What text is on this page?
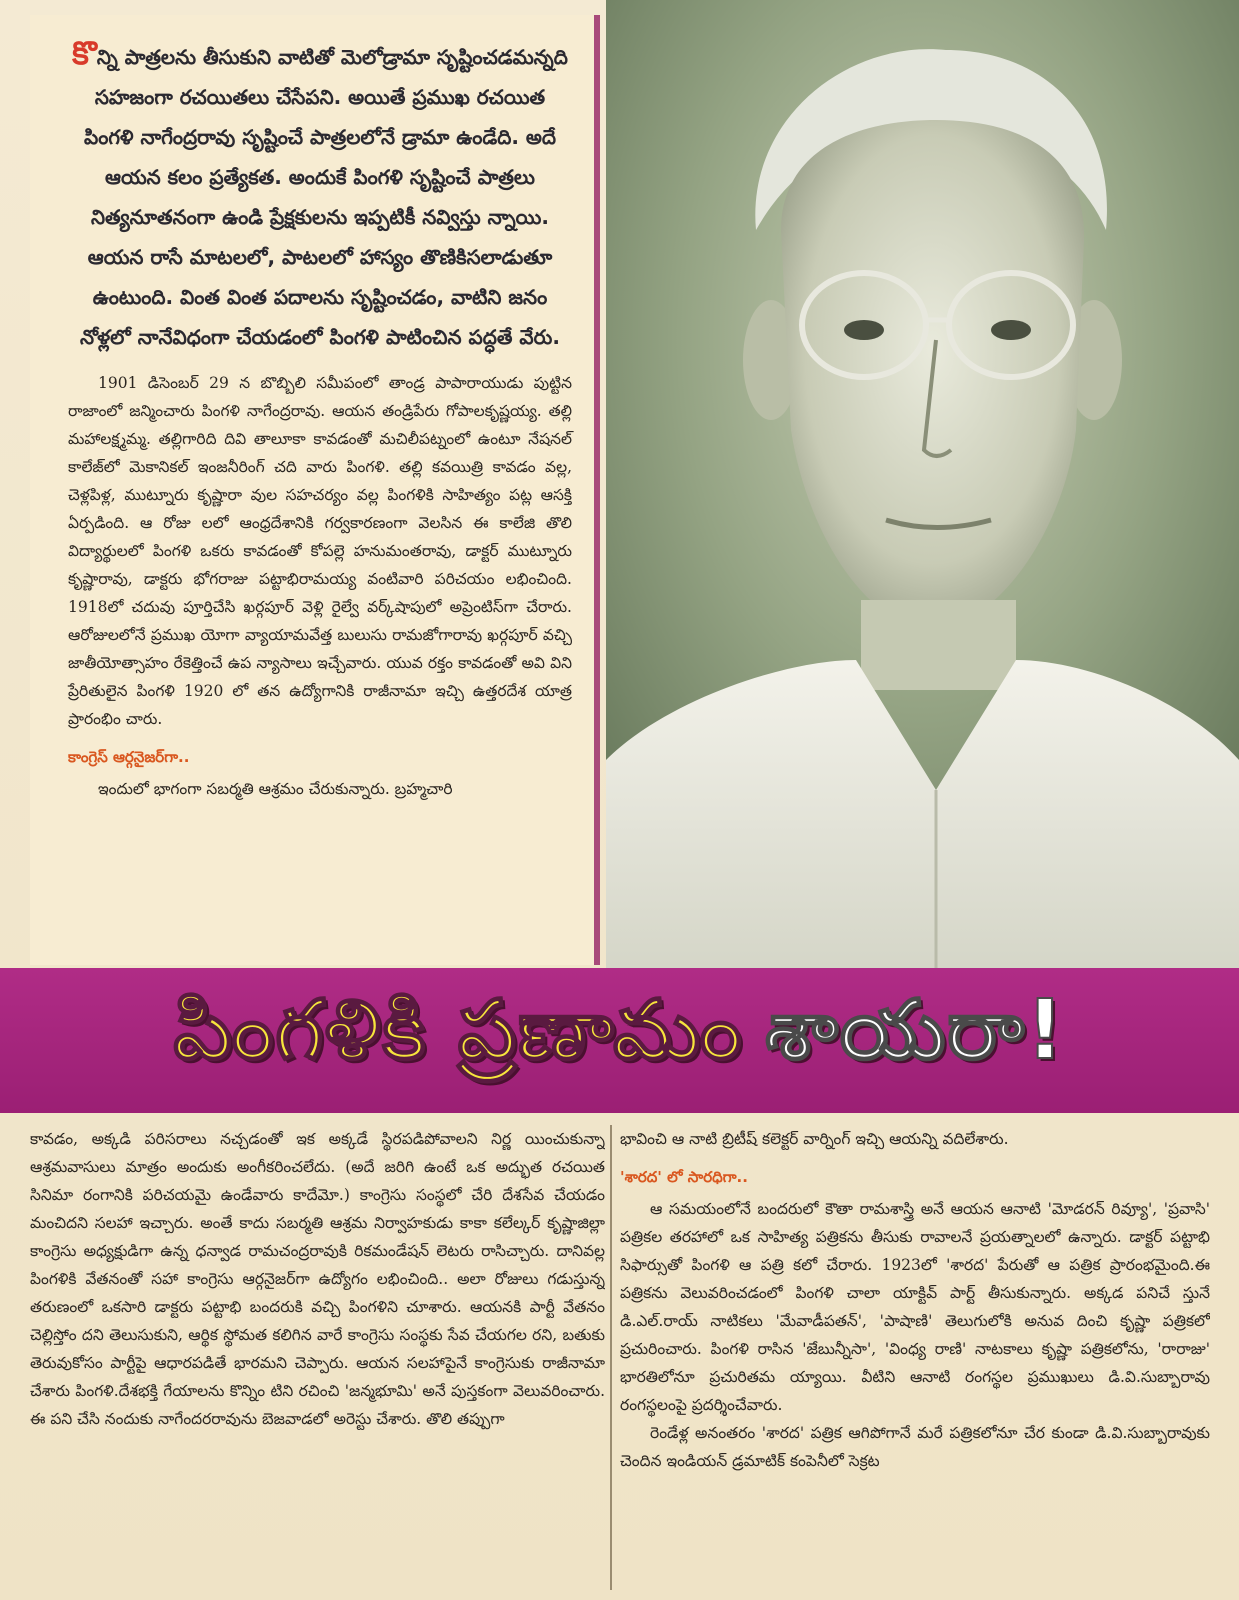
కొన్ని పాత్రలను తీసుకుని వాటితో మెలోడ్రామా సృష్టించడమన్నది సహజంగా రచయితలు చేసేపని. అయితే ప్రముఖ రచయిత పింగళి నాగేంద్రరావు సృష్టించే పాత్రలలోనే డ్రామా ఉండేది. అదే ఆయన కలం ప్రత్యేకత. అందుకే పింగళి సృష్టించే పాత్రలు నిత్యనూతనంగా ఉండి ప్రేక్షకులను ఇప్పటికీ నవ్విస్తు న్నాయి. ఆయన రాసే మాటలలో, పాటలలో హాస్యం తొణికిసలాడుతూ ఉంటుంది. వింత వింత పదాలను సృష్టించడం, వాటిని జనం నోళ్లలో నానేవిధంగా చేయడంలో పింగళి పాటించిన పద్ధతే వేరు.

1901 డిసెంబర్ 29 న బొబ్బిలి సమీపంలో తాండ్ర పాపారాయుడు పుట్టిన రాజాంలో జన్మించారు పింగళి నాగేంద్రరావు. ఆయన తండ్రిపేరు గోపాలకృష్ణయ్య. తల్లి మహాలక్ష్మమ్మ. తల్లిగారిది దివి తాలూకా కావడంతో మచిలీపట్నంలో ఉంటూ నేషనల్ కాలేజ్‌లో మెకానికల్ ఇంజనీరింగ్ చది వారు పింగళి. తల్లి కవయిత్రి కావడం వల్ల, చెళ్లపిళ్ల, ముట్నూరు కృష్ణారా వుల సహచర్యం వల్ల పింగళికి సాహిత్యం పట్ల ఆసక్తి ఏర్పడింది. ఆ రోజు లలో ఆంధ్రదేశానికి గర్వకారణంగా వెలసిన ఈ కాలేజి తొలి విద్యార్థులలో పింగళి ఒకరు కావడంతో కోపల్లె హనుమంతరావు, డాక్టర్ ముట్నూరు కృష్ణారావు, డాక్టరు భోగరాజు పట్టాభిరామయ్య వంటివారి పరిచయం లభించింది. 1918లో చదువు పూర్తిచేసి ఖర్గపూర్ వెళ్లి రైల్వే వర్క్‌షాపులో అప్రెంటిస్‌గా చేరారు. ఆరోజులలోనే ప్రముఖ యోగా వ్యాయామవేత్త బులుసు రామజోగారావు ఖర్గపూర్ వచ్చి జాతీయోత్సాహం రేకెత్తించే ఉప న్యాసాలు ఇచ్చేవారు. యువ రక్తం కావడంతో అవి విని ప్రేరితులైన పింగళి 1920 లో తన ఉద్యోగానికి రాజీనామా ఇచ్చి ఉత్తరదేశ యాత్ర ప్రారంభిం చారు.

కాంగ్రెస్ ఆర్గనైజర్‌గా..

ఇందులో భాగంగా సబర్మతి ఆశ్రమం చేరుకున్నారు. బ్రహ్మచారి

పింగళికి ప్రణామం శాయరా!

కావడం, అక్కడి పరిసరాలు నచ్చడంతో ఇక అక్కడే స్థిరపడిపోవాలని నిర్ణ యించుకున్నా ఆశ్రమవాసులు మాత్రం అందుకు అంగీకరించలేదు. (అదే జరిగి ఉంటే ఒక అద్భుత రచయిత సినిమా రంగానికి పరిచయమై ఉండేవారు కాదేమో.) కాంగ్రెసు సంస్థలో చేరి దేశసేవ చేయడం మంచిదని సలహా ఇచ్చారు. అంతే కాదు సబర్మతి ఆశ్రమ నిర్వాహకుడు కాకా కలేల్కర్ కృష్ణాజిల్లా కాంగ్రెసు అధ్యక్షుడిగా ఉన్న ధన్వాడ రామచంద్రరావుకి రికమండేషన్ లెటరు రాసిచ్చారు. దానివల్ల పింగళికి వేతనంతో సహా కాంగ్రెసు ఆర్గనైజర్‌గా ఉద్యోగం లభించింది.. అలా రోజులు గడుస్తున్న తరుణంలో ఒకసారి డాక్టరు పట్టాభి బందరుకి వచ్చి పింగళిని చూశారు. ఆయనకి పార్టీ వేతనం చెల్లిస్తోం దని తెలుసుకుని, ఆర్థిక స్థోమత కలిగిన వారే కాంగ్రెసు సంస్థకు సేవ చేయగల రని, బతుకు తెరువుకోసం పార్టీపై ఆధారపడితే భారమని చెప్పారు. ఆయన సలహాపైనే కాంగ్రెసుకు రాజీనామా చేశారు పింగళి.దేశభక్తి గేయాలను కొన్నిం టిని రచించి 'జన్మభూమి' అనే పుస్తకంగా వెలువరించారు. ఈ పని చేసి నందుకు నాగేందరరావును బెజవాడలో అరెస్టు చేశారు. తొలి తప్పుగా

భావించి ఆ నాటి బ్రిటీష్ కలెక్టర్ వార్నింగ్ ఇచ్చి ఆయన్ని వదిలేశారు.

'శారద' లో సారధిగా..

ఆ సమయంలోనే బందరులో కౌతా రామశాస్త్రి అనే ఆయన ఆనాటి 'మోడరన్ రివ్యూ', 'ప్రవాసి' పత్రికల తరహాలో ఒక సాహిత్య పత్రికను తీసుకు రావాలనే ప్రయత్నాలలో ఉన్నారు. డాక్టర్ పట్టాభి సిఫార్సుతో పింగళి ఆ పత్రి కలో చేరారు. 1923లో 'శారద' పేరుతో ఆ పత్రిక ప్రారంభమైంది.ఈ పత్రికను వెలువరించడంలో పింగళి చాలా యాక్టివ్ పార్ట్ తీసుకున్నారు. అక్కడ పనిచే స్తునే డి.ఎల్.రాయ్ నాటికలు 'మేవాడీపతన్', 'పాషాణి' తెలుగులోకి అనువ దించి కృష్ణా పత్రికలో ప్రచురించారు. పింగళి రాసిన 'జేబున్నీసా', 'వింధ్య రాణి' నాటకాలు కృష్ణా పత్రికలోను, 'రారాజు' భారతిలోనూ ప్రచురితమ య్యాయి. వీటిని ఆనాటి రంగస్థల ప్రముఖులు డి.వి.సుబ్బారావు రంగస్థలంపై ప్రదర్శించేవారు.

రెండేళ్ల అనంతరం 'శారద' పత్రిక ఆగిపోగానే మరే పత్రికలోనూ చేర కుండా డి.వి.సుబ్బారావుకు చెందిన ఇండియన్ డ్రమాటిక్ కంపెనీలో సెక్రట
